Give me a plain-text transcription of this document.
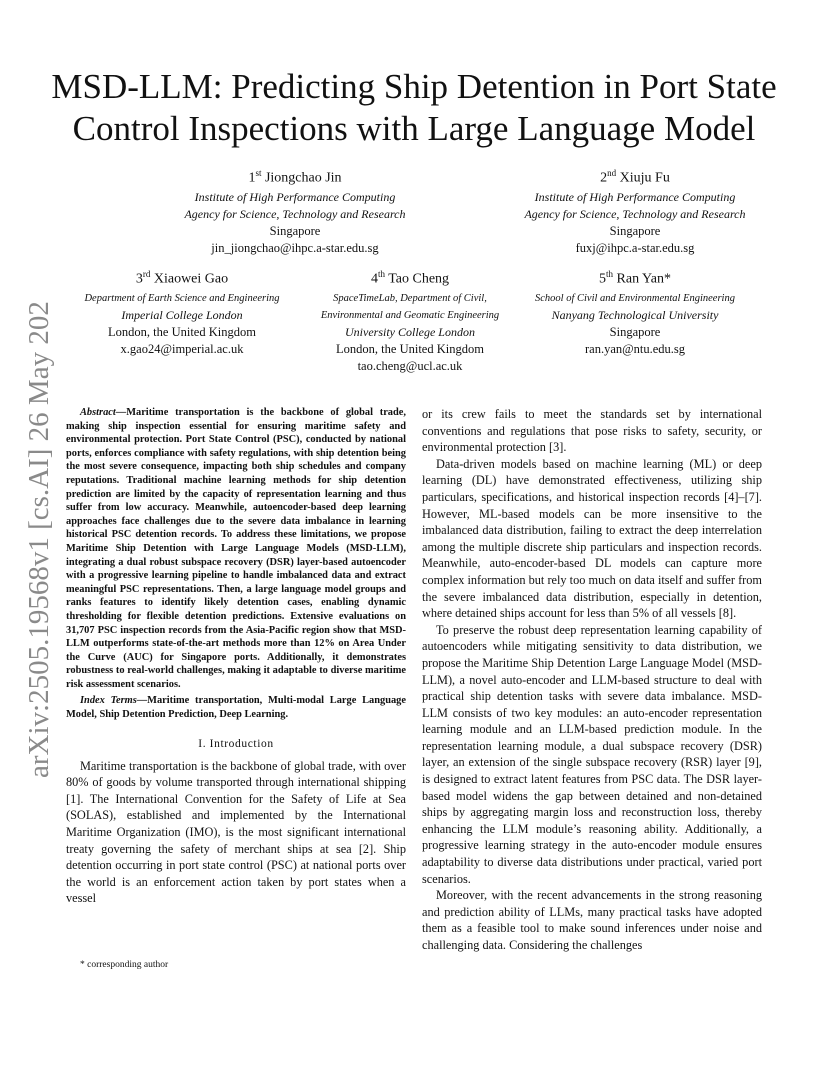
arXiv:2505.19568v1 [cs.AI] 26 May 2025
MSD-LLM: Predicting Ship Detention in Port State Control Inspections with Large Language Model
1st Jiongchao Jin
Institute of High Performance Computing
Agency for Science, Technology and Research
Singapore
jin_jiongchao@ihpc.a-star.edu.sg
2nd Xiuju Fu
Institute of High Performance Computing
Agency for Science, Technology and Research
Singapore
fuxj@ihpc.a-star.edu.sg
3rd Xiaowei Gao
Department of Earth Science and Engineering
Imperial College London
London, the United Kingdom
x.gao24@imperial.ac.uk
4th Tao Cheng
SpaceTimeLab, Department of Civil,
Environmental and Geomatic Engineering
University College London
London, the United Kingdom
tao.cheng@ucl.ac.uk
5th Ran Yan*
School of Civil and Environmental Engineering
Nanyang Technological University
Singapore
ran.yan@ntu.edu.sg

Abstract—Maritime transportation is the backbone of global trade, making ship inspection essential for ensuring maritime safety and environmental protection. Port State Control (PSC), conducted by national ports, enforces compliance with safety regulations, with ship detention being the most severe consequence, impacting both ship schedules and company reputations. Traditional machine learning methods for ship detention prediction are limited by the capacity of representation learning and thus suffer from low accuracy. Meanwhile, autoencoder-based deep learning approaches face challenges due to the severe data imbalance in learning historical PSC detention records. To address these limitations, we propose Maritime Ship Detention with Large Language Models (MSD-LLM), integrating a dual robust subspace recovery (DSR) layer-based autoencoder with a progressive learning pipeline to handle imbalanced data and extract meaningful PSC representations. Then, a large language model groups and ranks features to identify likely detention cases, enabling dynamic thresholding for flexible detention predictions. Extensive evaluations on 31,707 PSC inspection records from the Asia-Pacific region show that MSD-LLM outperforms state-of-the-art methods more than 12% on Area Under the Curve (AUC) for Singapore ports. Additionally, it demonstrates robustness to real-world challenges, making it adaptable to diverse maritime risk assessment scenarios.

Index Terms—Maritime transportation, Multi-modal Large Language Model, Ship Detention Prediction, Deep Learning.

I. Introduction

Maritime transportation is the backbone of global trade, with over 80% of goods by volume transported through international shipping [1]. The International Convention for the Safety of Life at Sea (SOLAS), established and implemented by the International Maritime Organization (IMO), is the most significant international treaty governing the safety of merchant ships at sea [2]. Ship detention occurring in port state control (PSC) at national ports over the world is an enforcement action taken by port states when a vessel

* corresponding author

or its crew fails to meet the standards set by international conventions and regulations that pose risks to safety, security, or environmental protection [3].

Data-driven models based on machine learning (ML) or deep learning (DL) have demonstrated effectiveness, utilizing ship particulars, specifications, and historical inspection records [4]–[7]. However, ML-based models can be more insensitive to the imbalanced data distribution, failing to extract the deep interrelation among the multiple discrete ship particulars and inspection records. Meanwhile, auto-encoder-based DL models can capture more complex information but rely too much on data itself and suffer from the severe imbalanced data distribution, especially in detention, where detained ships account for less than 5% of all vessels [8].

To preserve the robust deep representation learning capability of autoencoders while mitigating sensitivity to data distribution, we propose the Maritime Ship Detention Large Language Model (MSD-LLM), a novel auto-encoder and LLM-based structure to deal with practical ship detention tasks with severe data imbalance. MSD-LLM consists of two key modules: an auto-encoder representation learning module and an LLM-based prediction module. In the representation learning module, a dual subspace recovery (DSR) layer, an extension of the single subspace recovery (RSR) layer [9], is designed to extract latent features from PSC data. The DSR layer-based model widens the gap between detained and non-detained ships by aggregating margin loss and reconstruction loss, thereby enhancing the LLM module’s reasoning ability. Additionally, a progressive learning strategy in the auto-encoder module ensures adaptability to diverse data distributions under practical, varied port scenarios.

Moreover, with the recent advancements in the strong reasoning and prediction ability of LLMs, many practical tasks have adopted them as a feasible tool to make sound inferences under noise and challenging data. Considering the challenges
